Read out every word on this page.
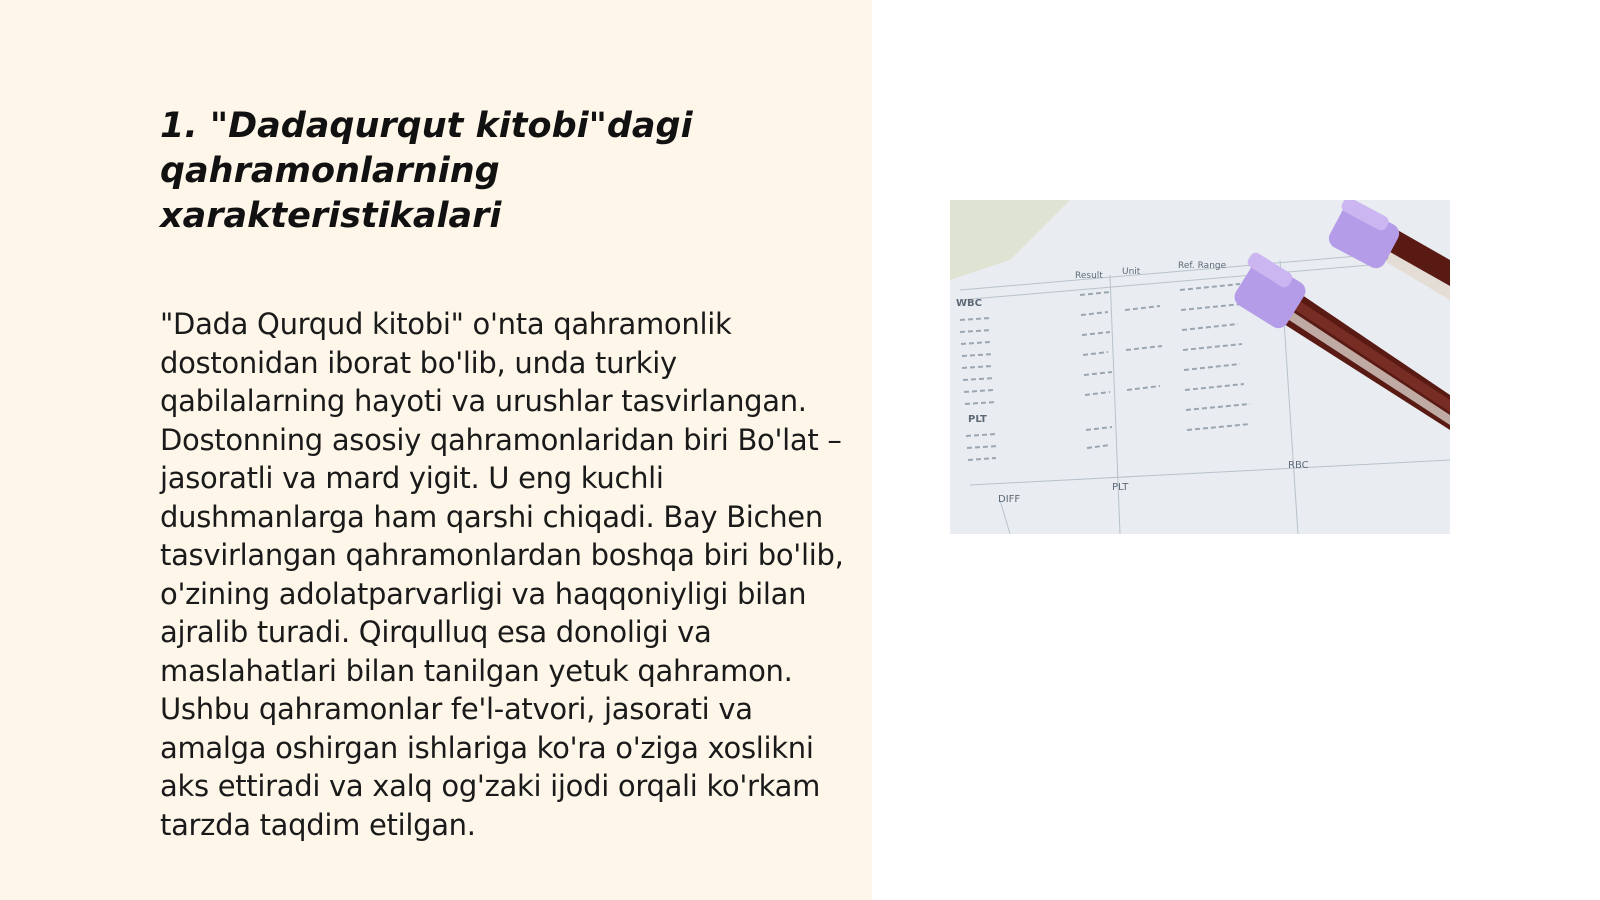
1. "Dadaqurqut kitobi"dagi qahramonlarning xarakteristikalari

"Dada Qurqud kitobi" o'nta qahramonlik dostonidan iborat bo'lib, unda turkiy qabilalarning hayoti va urushlar tasvirlangan. Dostonning asosiy qahramonlaridan biri Bo'lat – jasoratli va mard yigit. U eng kuchli dushmanlarga ham qarshi chiqadi. Bay Bichen tasvirlangan qahramonlardan boshqa biri bo'lib, o'zining adolatparvarligi va haqqoniyligi bilan ajralib turadi. Qirqulluq esa donoligi va maslahatlari bilan tanilgan yetuk qahramon. Ushbu qahramonlar fe'l-atvori, jasorati va amalga oshirgan ishlariga ko'ra o'ziga xoslikni aks ettiradi va xalq og'zaki ijodi orqali ko'rkam tarzda taqdim etilgan.

Result Unit
Ref. Range
WBC
PLT
RBC
DIFF
PLT
